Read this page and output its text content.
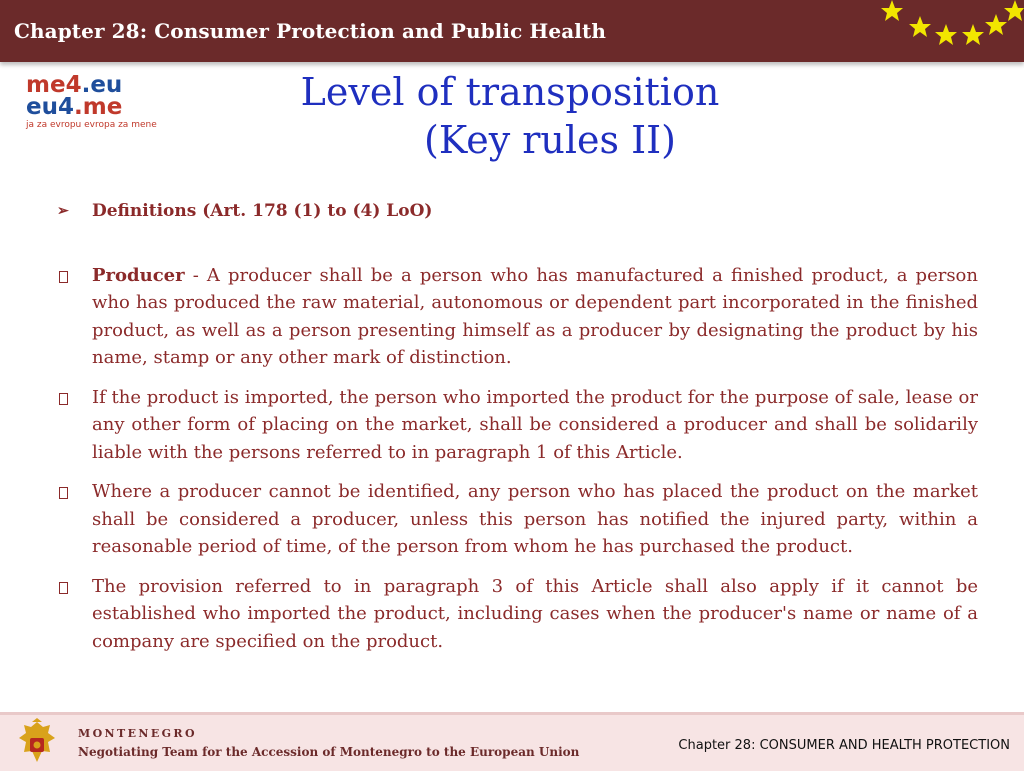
Chapter 28: Consumer Protection and Public Health
me4.eu
eu4.me
ja za evropu evropa za mene
Level of transposition
(Key rules II)
➢	Definitions (Art. 178 (1) to (4) LoO)
Producer - A producer shall be a person who has manufactured a finished product, a person who has produced the raw material, autonomous or dependent part incorporated in the finished product, as well as a person presenting himself as a producer by designating the product by his name, stamp or any other mark of distinction.
If the product is imported, the person who imported the product for the purpose of sale, lease or any other form of placing on the market, shall be considered a producer and shall be solidarily liable with the persons referred to in paragraph 1 of this Article.
Where a producer cannot be identified, any person who has placed the product on the market shall be considered a producer, unless this person has notified the injured party, within a reasonable period of time, of the person from whom he has purchased the product.
The provision referred to in paragraph 3 of this Article shall also apply if it cannot be established who imported the product, including cases when the producer's name or name of a company are specified on the product.
MONTENEGRO
Negotiating Team for the Accession of Montenegro to the European Union	Chapter 28: CONSUMER AND HEALTH PROTECTION
